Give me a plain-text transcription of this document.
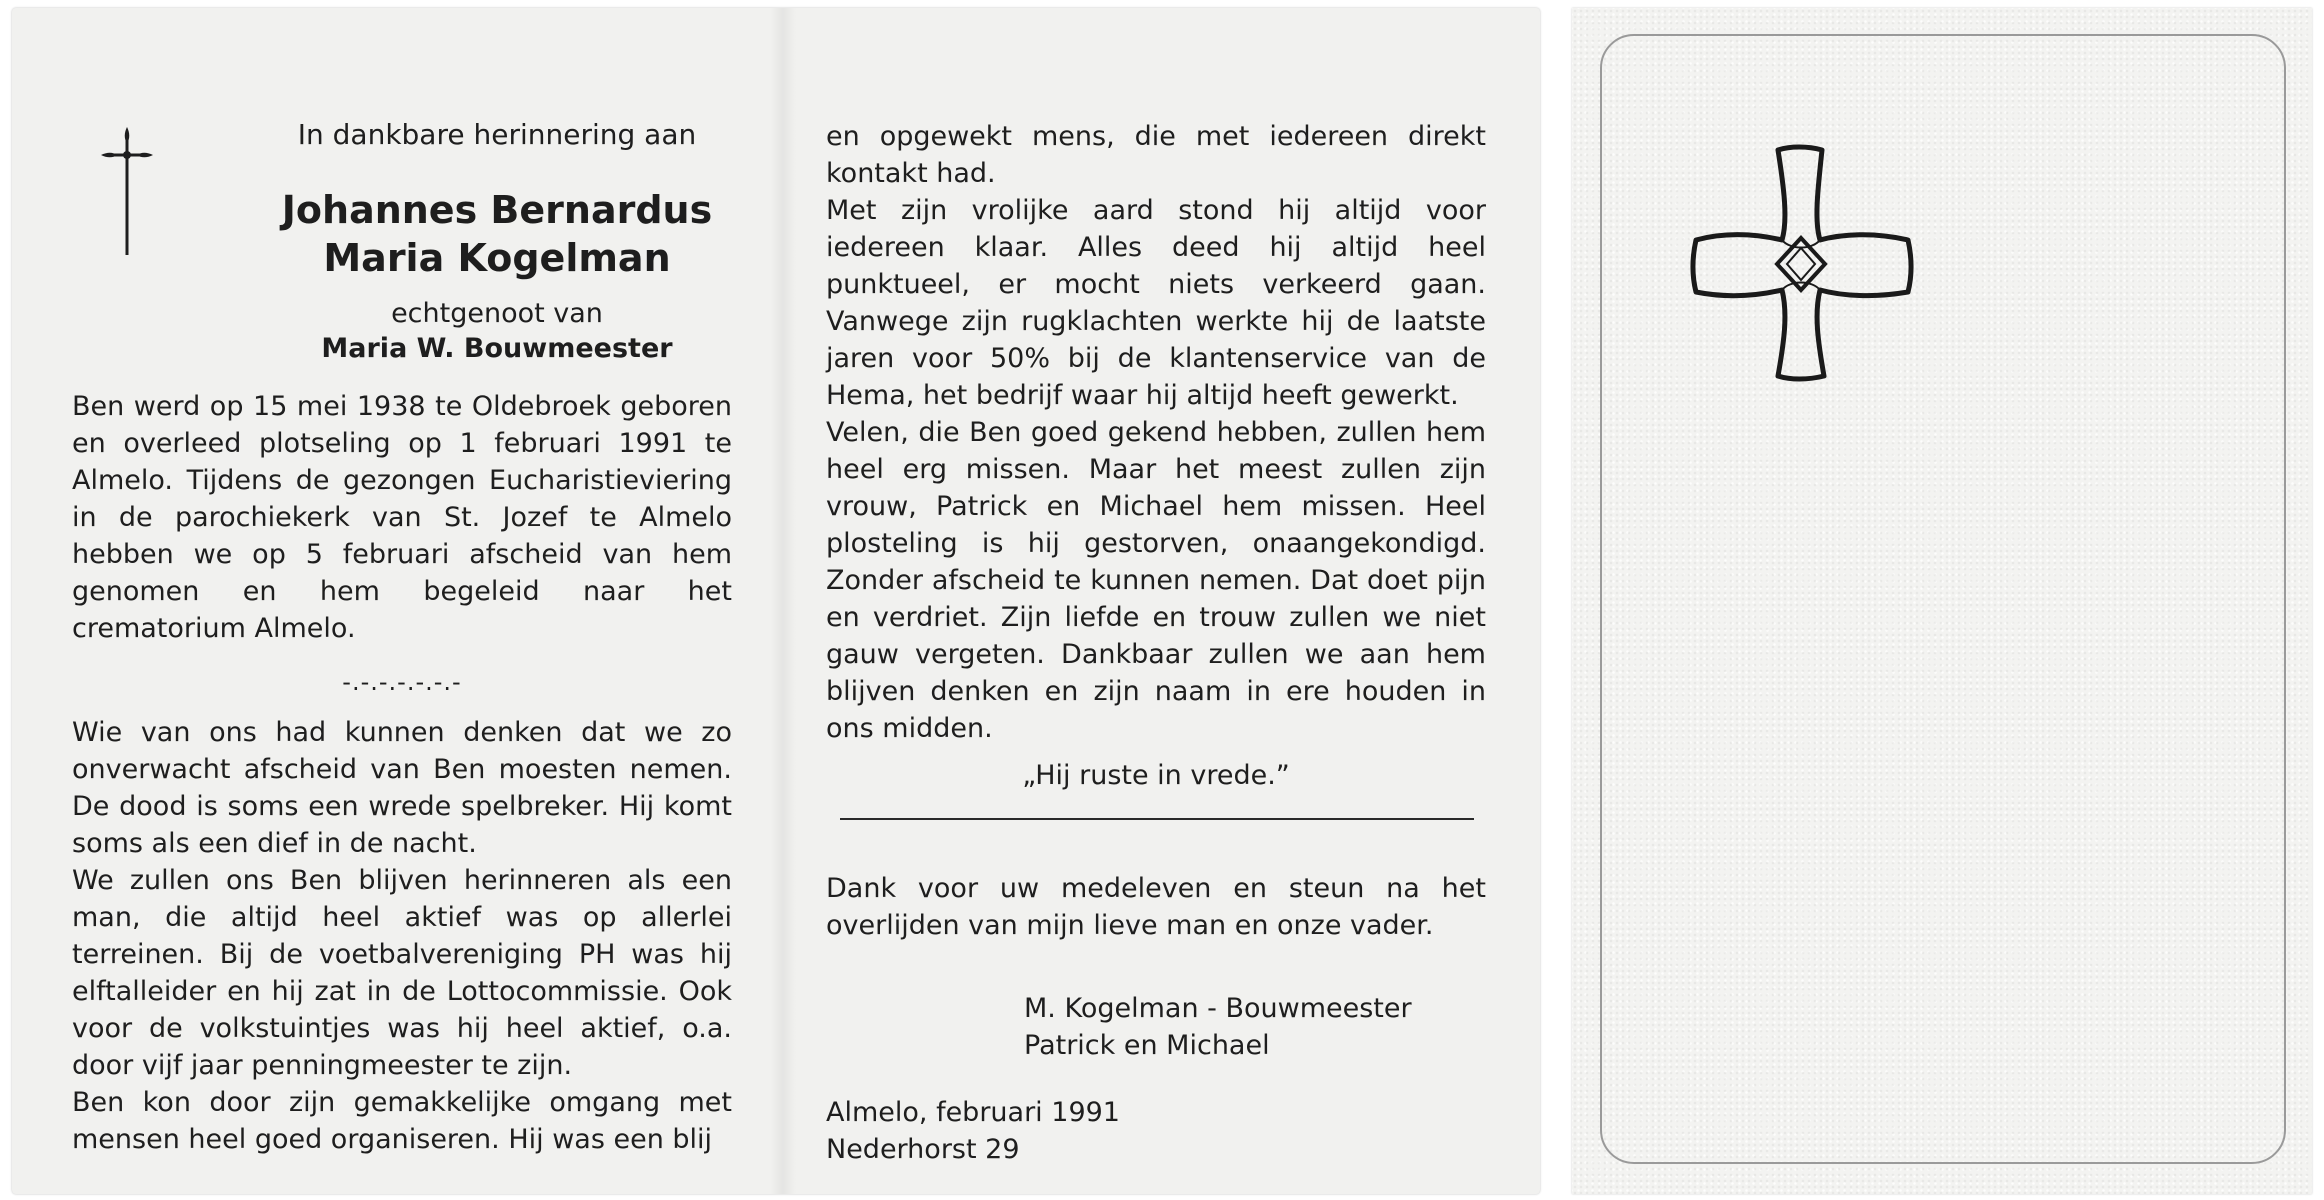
In dankbare herinnering aan
Johannes Bernardus
Maria Kogelman
echtgenoot van
Maria W. Bouwmeester

Ben werd op 15 mei 1938 te Oldebroek geboren en overleed plotseling op 1 februari 1991 te Almelo. Tijdens de gezongen Eucharistieviering in de parochiekerk van St. Jozef te Almelo hebben we op 5 februari afscheid van hem genomen en hem begeleid naar het crematorium Almelo.

-.-.-.-.-.-.-

Wie van ons had kunnen denken dat we zo onverwacht afscheid van Ben moesten nemen. De dood is soms een wrede spelbreker. Hij komt soms als een dief in de nacht.

We zullen ons Ben blijven herinneren als een man, die altijd heel aktief was op allerlei terreinen. Bij de voetbalvereniging PH was hij elftalleider en hij zat in de Lottocommissie. Ook voor de volkstuintjes was hij heel aktief, o.a. door vijf jaar penningmeester te zijn.

Ben kon door zijn gemakkelijke omgang met mensen heel goed organiseren. Hij was een blij

en opgewekt mens, die met iedereen direkt kontakt had.

Met zijn vrolijke aard stond hij altijd voor iedereen klaar. Alles deed hij altijd heel punktueel, er mocht niets verkeerd gaan. Vanwege zijn rugklachten werkte hij de laatste jaren voor 50% bij de klantenservice van de Hema, het bedrijf waar hij altijd heeft gewerkt.

Velen, die Ben goed gekend hebben, zullen hem heel erg missen. Maar het meest zullen zijn vrouw, Patrick en Michael hem missen. Heel plosteling is hij gestorven, onaangekondigd. Zonder afscheid te kunnen nemen. Dat doet pijn en verdriet. Zijn liefde en trouw zullen we niet gauw vergeten. Dankbaar zullen we aan hem blijven denken en zijn naam in ere houden in ons midden.

„Hij ruste in vrede.”

Dank voor uw medeleven en steun na het overlijden van mijn lieve man en onze vader.

M. Kogelman - Bouwmeester
Patrick en Michael
Almelo, februari 1991
Nederhorst 29
